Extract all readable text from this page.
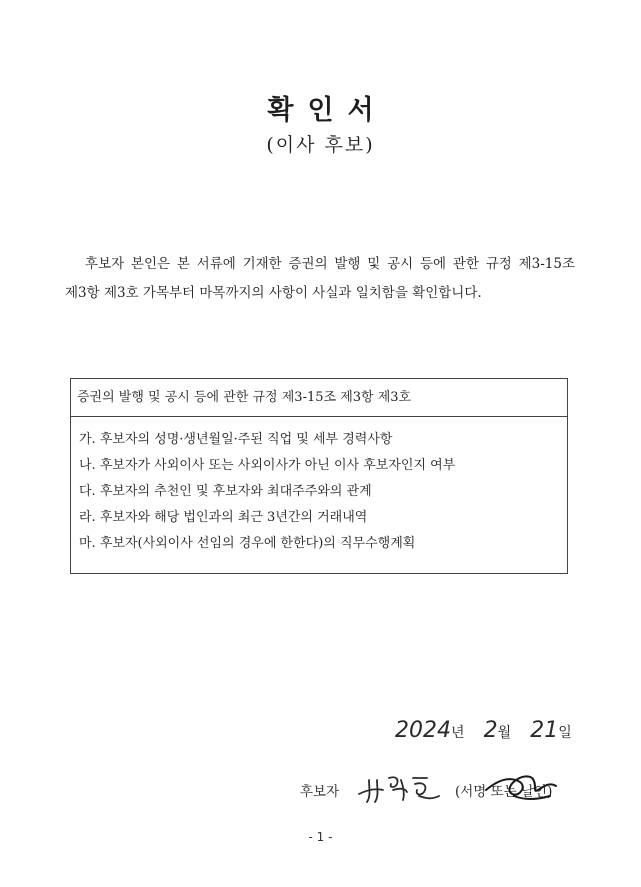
확인서
(이사 후보)

후보자 본인은 본 서류에 기재한 증권의 발행 및 공시 등에 관한 규정 제3-15조 제3항 제3호 가목부터 마목까지의 사항이 사실과 일치함을 확인합니다.

증권의 발행 및 공시 등에 관한 규정 제3-15조 제3항 제3호
가. 후보자의 성명·생년월일·주된 직업 및 세부 경력사항
나. 후보자가 사외이사 또는 사외이사가 아닌 이사 후보자인지 여부
다. 후보자의 추천인 및 후보자와 최대주주와의 관계
라. 후보자와 해당 법인과의 최근 3년간의 거래내역
마. 후보자(사외이사 선임의 경우에 한한다)의 직무수행계획
2024년 2월 21일
후보자	(서명 또는 날인)
- 1 -
